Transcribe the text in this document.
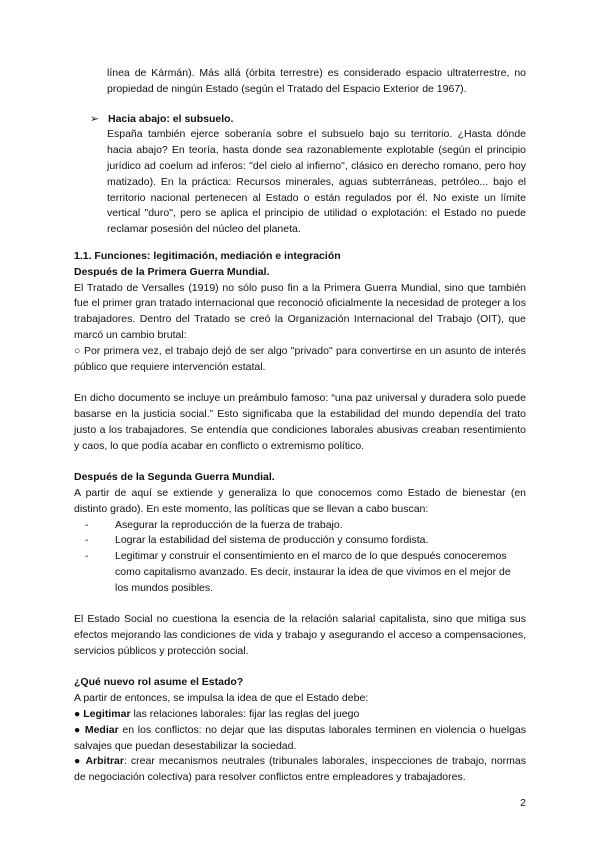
línea de Kármán). Más allá (órbita terrestre) es considerado espacio ultraterrestre, no propiedad de ningún Estado (según el Tratado del Espacio Exterior de 1967).

➢ Hacia abajo: el subsuelo.

España también ejerce soberanía sobre el subsuelo bajo su territorio. ¿Hasta dónde hacia abajo? En teoría, hasta donde sea razonablemente explotable (según el principio jurídico ad coelum ad inferos: "del cielo al infierno", clásico en derecho romano, pero hoy matizado). En la práctica: Recursos minerales, aguas subterráneas, petróleo... bajo el territorio nacional pertenecen al Estado o están regulados por él. No existe un límite vertical "duro", pero se aplica el principio de utilidad o explotación: el Estado no puede reclamar posesión del núcleo del planeta.

1.1. Funciones: legitimación, mediación e integración
Después de la Primera Guerra Mundial.

El Tratado de Versalles (1919) no sólo puso fin a la Primera Guerra Mundial, sino que también fue el primer gran tratado internacional que reconoció oficialmente la necesidad de proteger a los trabajadores. Dentro del Tratado se creó la Organización Internacional del Trabajo (OIT), que marcó un cambio brutal:

○ Por primera vez, el trabajo dejó de ser algo "privado" para convertirse en un asunto de interés público que requiere intervención estatal.

En dicho documento se incluye un preámbulo famoso: “una paz universal y duradera solo puede basarse en la justicia social.” Esto significaba que la estabilidad del mundo dependía del trato justo a los trabajadores. Se entendía que condiciones laborales abusivas creaban resentimiento y caos, lo que podía acabar en conflicto o extremismo político.

Después de la Segunda Guerra Mundial.

A partir de aquí se extiende y generaliza lo que conocemos como Estado de bienestar (en distinto grado). En este momento, las políticas que se llevan a cabo buscan:

-	Asegurar la reproducción de la fuerza de trabajo.
-	Lograr la estabilidad del sistema de producción y consumo fordista.
-	Legitimar y construir el consentimiento en el marco de lo que después conoceremos como capitalismo avanzado. Es decir, instaurar la idea de que vivimos en el mejor de los mundos posibles.

El Estado Social no cuestiona la esencia de la relación salarial capitalista, sino que mitiga sus efectos mejorando las condiciones de vida y trabajo y asegurando el acceso a compensaciones, servicios públicos y protección social.

¿Qué nuevo rol asume el Estado?

A partir de entonces, se impulsa la idea de que el Estado debe:

● Legitimar las relaciones laborales: fijar las reglas del juego

● Mediar en los conflictos: no dejar que las disputas laborales terminen en violencia o huelgas salvajes que puedan desestabilizar la sociedad.

● Arbitrar: crear mecanismos neutrales (tribunales laborales, inspecciones de trabajo, normas de negociación colectiva) para resolver conflictos entre empleadores y trabajadores.

2
